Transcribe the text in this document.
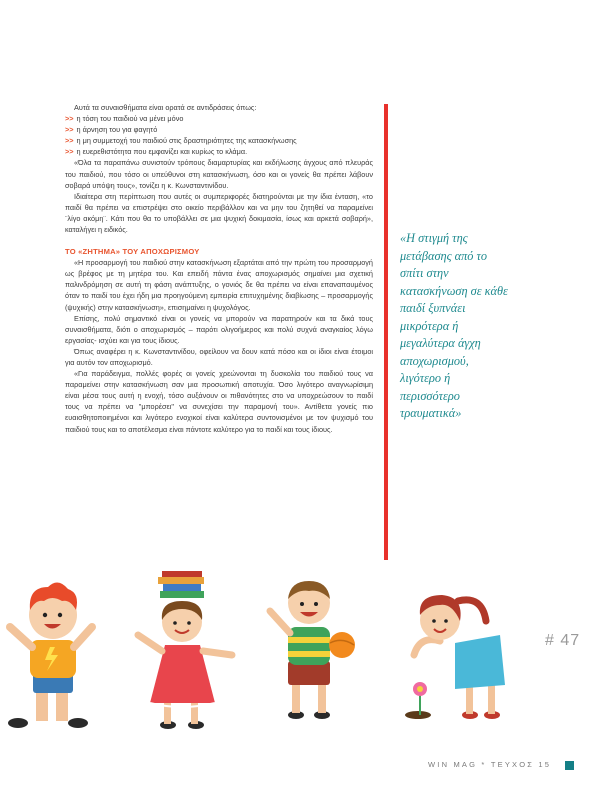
Αυτά τα συναισθήματα είναι ορατά σε αντιδράσεις όπως:

>> η τόση του παιδιού να μένει μόνο
>> η άρνηση του για φαγητό
>> η μη συμμετοχή του παιδιού στις δραστηριότητες της κατασκήνωσης
>> η ευερεθιστότητα που εμφανίζει και κυρίως το κλάμα.

«Όλα τα παραπάνω συνιστούν τρόπους διαμαρτυρίας και εκδήλωσης άγχους από πλευράς του παιδιού, που τόσο οι υπεύθυνοι στη κατασκήνωση, όσο και οι γονείς θα πρέπει λάβουν σοβαρά υπόψη τους», τονίζει η κ. Κωνσταντινίδου.

Ιδιαίτερα στη περίπτωση που αυτές οι συμπεριφορές διατηρούνται με την ίδια ένταση, «το παιδί θα πρέπει να επιστρέψει στο οικείο περιβάλλον και να μην του ζητηθεί να παραμείνει ¨λίγο ακόμη¨. Κάτι που θα το υποβάλλει σε μια ψυχική δοκιμασία, ίσως και αρκετά σοβαρή», καταλήγει η ειδικός.

ΤΟ «ΖΗΤΗΜΑ» ΤΟΥ ΑΠΟΧΩΡΙΣΜΟΥ

«Η προσαρμογή του παιδιού στην κατασκήνωση εξαρτάται από την πρώτη του προσαρμογή ως βρέφος με τη μητέρα του. Και επειδή πάντα ένας αποχωρισμός σημαίνει μια σχετική παλινδρόμηση σε αυτή τη φάση ανάπτυξης, ο γονιός δε θα πρέπει να είναι επαναπαυμένος όταν το παιδί του έχει ήδη μια προηγούμενη εμπειρία επιτυχημένης διαβίωσης – προσαρμογής (ψυχικής) στην κατασκήνωση», επισημαίνει η ψυχολόγος.

Επίσης, πολύ σημαντικό είναι οι γονείς να μπορούν να παρατηρούν και τα δικά τους συναισθήματα, διότι ο αποχωρισμός – παρότι ολιγοήμερος και πολύ συχνά αναγκαίος λόγω εργασίας- ισχύει και για τους ίδιους.

Όπως αναφέρει η κ. Κωνσταντινίδου, οφείλουν να δουν κατά πόσο και οι ίδιοι είναι έτοιμοι για αυτόν τον αποχωρισμό.

«Για παράδειγμα, πολλές φορές οι γονείς χρεώνονται τη δυσκολία του παιδιού τους να παραμείνει στην κατασκήνωση σαν μια προσωπική αποτυχία. Όσο λιγότερο αναγνωρίσιμη είναι μέσα τους αυτή η ενοχή, τόσο αυξάνουν οι πιθανότητες στο να υποχρεώσουν το παιδί τους να πρέπει να "μπορέσει" να συνεχίσει την παραμονή του». Αντίθετα γονείς πιο ευαισθητοποιημένοι και λιγότερο ενοχικοί είναι καλύτερα συντονισμένοι με τον ψυχισμό του παιδιού τους και το αποτέλεσμα είναι πάντοτε καλύτερο για το παιδί και τους ίδιους.

«Η στιγμή της μετάβασης από το σπίτι στην κατασκήνωση σε κάθε παιδί ξυπνάει μικρότερα ή μεγαλύτερα άγχη αποχωρισμού, λιγότερο ή περισσότερο τραυματικά»
# 47
WIN MAG * ΤΕΥΧΟΣ 15
